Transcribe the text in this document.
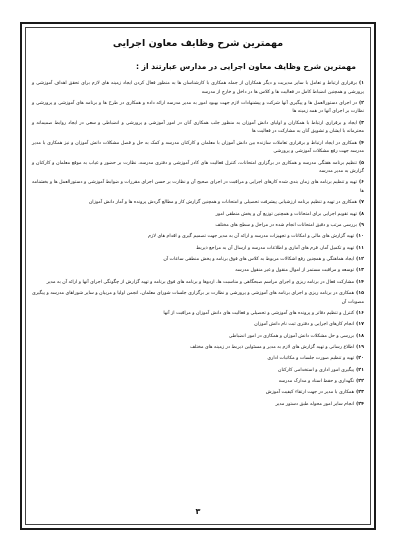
مهمترین شرح وظایف معاون اجرایی
مهمترین شرح وظایف معاون اجرایی در مدارس عبارتند از :
۱)برقراری ارتباط و تعامل با سایر مدیریت و دیگر همکاران از جمله همکاری با کارشناسان ها به منظور فعال کردن ایجاد زمینه های لازم برای تحقق اهداف آموزشی و پرورشی و همچنین انضباط کامل در فعالیت ها و کلاس ها در داخل و خارج از مدرسه
۲)در اجرای دستورالعمل ها و پیگیری آنها شرکت و پیشنهادات لازم جهت بهبود امور به مدیر مدرسه ارائه داده و همکاری در طرح ها و برنامه های آموزشی و پرورشی و نظارت بر اجرای آنها در همه زمینه ها
۳)ایجاد و برقراری ارتباط با همکاران و اولیای دانش آموزان به منظور جلب همکاری آنان در امور آموزشی و پرورشی و انضباطی و سعی در ایجاد روابط صمیمانه و محترمانه با ایشان و تشویق آنان به مشارکت در فعالیت ها
۴)همکاری در ایجاد ارتباط و برقراری تعاملات سازنده بین دانش آموزان با معلمان و کارکنان مدرسه و کمک به حل و فصل مشکلات دانش آموزان و نیز همکاری با مدیر مدرسه جهت رفع مشکلات آموزشی و پرورشی
۵)تنظیم برنامه هفتگی مدرسه و همکاری در برگزاری امتحانات، کنترل فعالیت های کادر آموزشی و دفتری مدرسه، نظارت بر حضور و غیاب به موقع معلمان و کارکنان و گزارش به مدیر مدرسه
۶)تهیه و تنظیم برنامه های زمان بندی شده کارهای اجرایی و مراقبت در اجرای صحیح آن و نظارت بر حسن اجرای مقررات و ضوابط آموزشی و دستورالعمل ها و بخشنامه ها
۷)همکاری در تهیه و تنظیم برنامه ارزشیابی پیشرفت تحصیلی و امتحانات و همچنین گزارش کار و مطالع گردش پرونده ها و آمار دانش آموزان
۸)تهیه تقویم اجرایی برای امتحانات و همچنین توزیع آن و پخش منطقی امور
۹)بررسی مرتب و دقیق امتحانات انجام شده در مراحل و سطح های مختلف
۱۰)تهیه گزارش های مالی و امکانات و تجهیزات مدرسه و ارائه آن به مدیر جهت تصمیم گیری و اقدام های لازم
۱۱)تهیه و تکمیل آمار، فرم های آماری و اطلاعات مدرسه و ارسال آن به مراجع ذیربط
۱۲)ایجاد هماهنگی و همچنین رفع اشکالات مربوط به کلاس های فوق برنامه و پخش منطقی ساعات آن
۱۳)توسعه و مراقبت مستمر از اموال منقول و غیر منقول مدرسه
۱۴)مشارکت فعال در برنامه ریزی و اجرای مراسم صبحگاهی و مناسبت ها، اردوها و برنامه های فوق برنامه و تهیه گزارش از چگونگی اجرای آنها و ارائه آن به مدیر
۱۵)همکاری در برنامه ریزی و اجرای برنامه های آموزشی و پرورشی و نظارت بر برگزاری جلسات شورای معلمان، انجمن اولیا و مربیان و سایر شوراهای مدرسه و پیگیری مصوبات آن
۱۶)کنترل و تنظیم دفاتر و پرونده های آموزشی و تحصیلی و فعالیت های دانش آموزان و مراقبت از آنها
۱۷)انجام کارهای اجرایی و دفتری ثبت نام دانش آموزان
۱۸)بررسی و حل مشکلات دانش آموزان و همکاری در امور انضباطی
۱۹)اطلاع رسانی و تهیه گزارش های لازم به مدیر و مسئولین ذیربط در زمینه های مختلف
۲۰)تهیه و تنظیم صورت جلسات و مکاتبات اداری
۲۱)پیگیری امور اداری و استخدامی کارکنان
۲۲)نگهداری و حفظ اسناد و مدارک مدرسه
۲۳)همکاری با مدیر در جهت ارتقاء کیفیت آموزش
۲۴)انجام سایر امور محوله طبق دستور مدیر
۳
